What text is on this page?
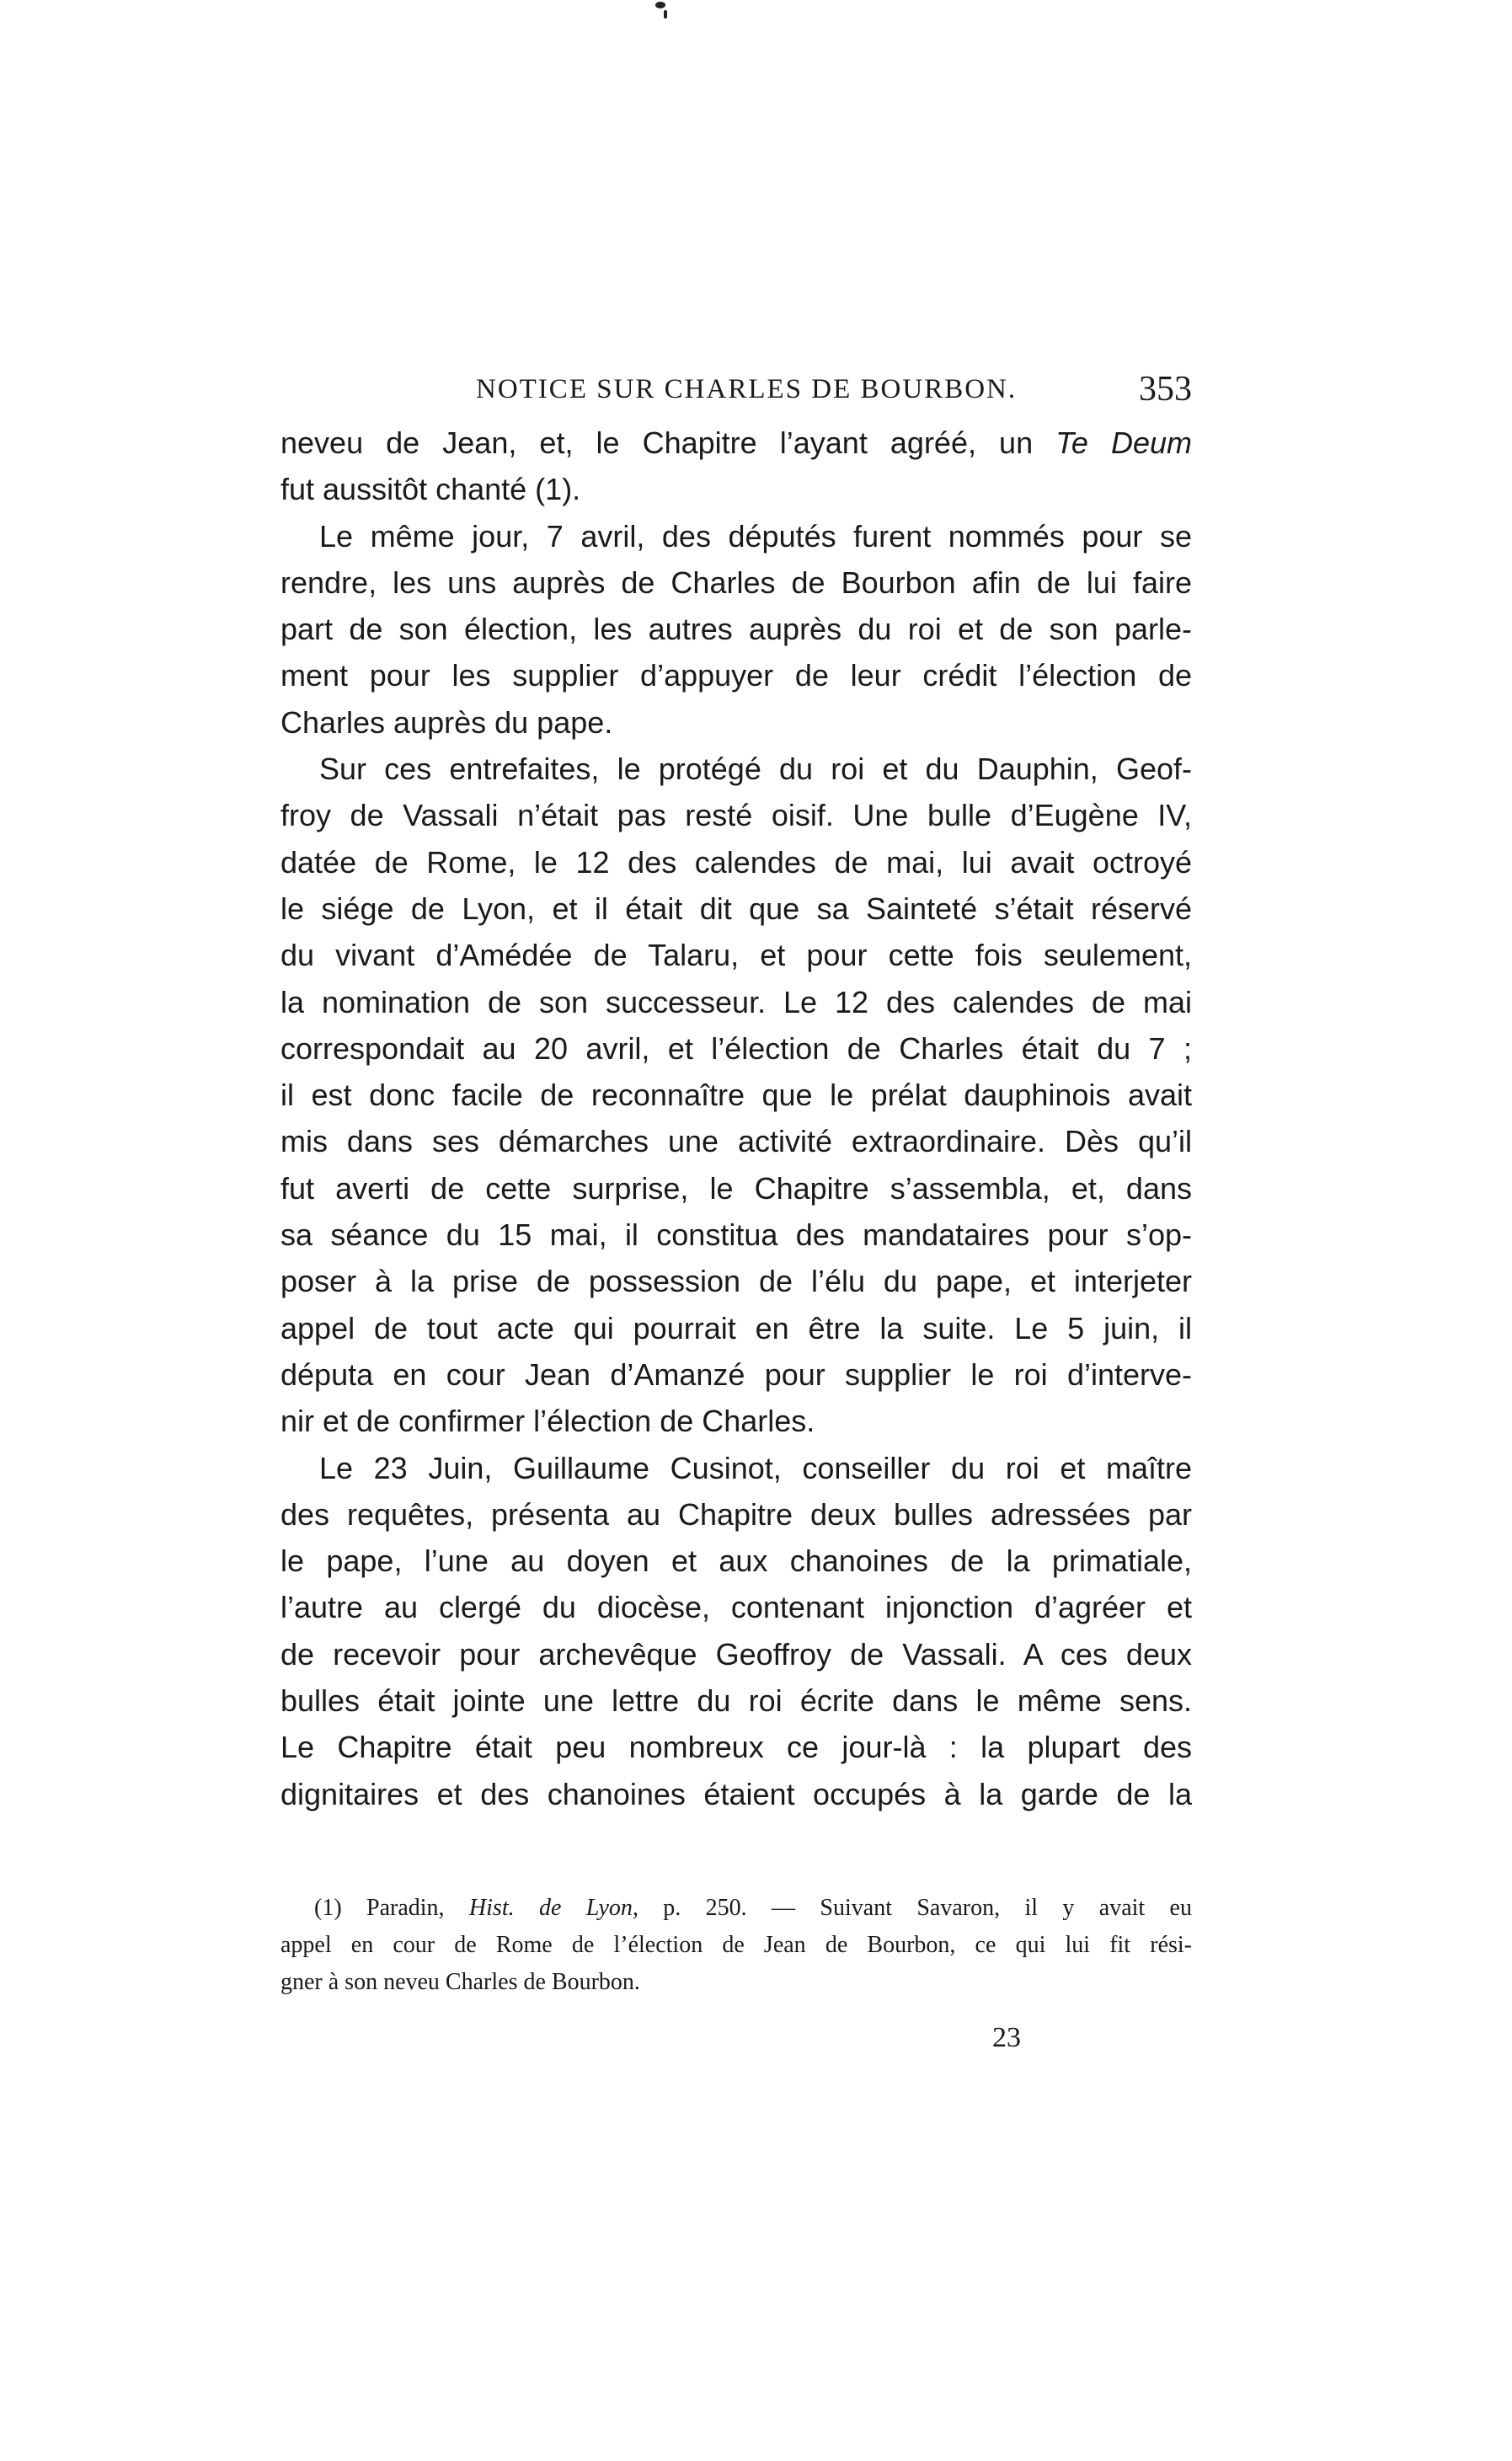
NOTICE SUR CHARLES DE BOURBON.	353
neveu de Jean, et, le Chapitre l’ayant agréé, un Te Deum
fut aussitôt chanté (1).
Le même jour, 7 avril, des députés furent nommés pour se
rendre, les uns auprès de Charles de Bourbon afin de lui faire
part de son élection, les autres auprès du roi et de son parle-
ment pour les supplier d’appuyer de leur crédit l’élection de
Charles auprès du pape.
Sur ces entrefaites, le protégé du roi et du Dauphin, Geof-
froy de Vassali n’était pas resté oisif. Une bulle d’Eugène IV,
datée de Rome, le 12 des calendes de mai, lui avait octroyé
le siége de Lyon, et il était dit que sa Sainteté s’était réservé
du vivant d’Amédée de Talaru, et pour cette fois seulement,
la nomination de son successeur. Le 12 des calendes de mai
correspondait au 20 avril, et l’élection de Charles était du 7 ;
il est donc facile de reconnaître que le prélat dauphinois avait
mis dans ses démarches une activité extraordinaire. Dès qu’il
fut averti de cette surprise, le Chapitre s’assembla, et, dans
sa séance du 15 mai, il constitua des mandataires pour s’op-
poser à la prise de possession de l’élu du pape, et interjeter
appel de tout acte qui pourrait en être la suite. Le 5 juin, il
députa en cour Jean d’Amanzé pour supplier le roi d’interve-
nir et de confirmer l’élection de Charles.
Le 23 Juin, Guillaume Cusinot, conseiller du roi et maître
des requêtes, présenta au Chapitre deux bulles adressées par
le pape, l’une au doyen et aux chanoines de la primatiale,
l’autre au clergé du diocèse, contenant injonction d’agréer et
de recevoir pour archevêque Geoffroy de Vassali. A ces deux
bulles était jointe une lettre du roi écrite dans le même sens.
Le Chapitre était peu nombreux ce jour-là : la plupart des
dignitaires et des chanoines étaient occupés à la garde de la
(1) Paradin, Hist. de Lyon, p. 250. — Suivant Savaron, il y avait eu
appel en cour de Rome de l’élection de Jean de Bourbon, ce qui lui fit rési-
gner à son neveu Charles de Bourbon.
23
